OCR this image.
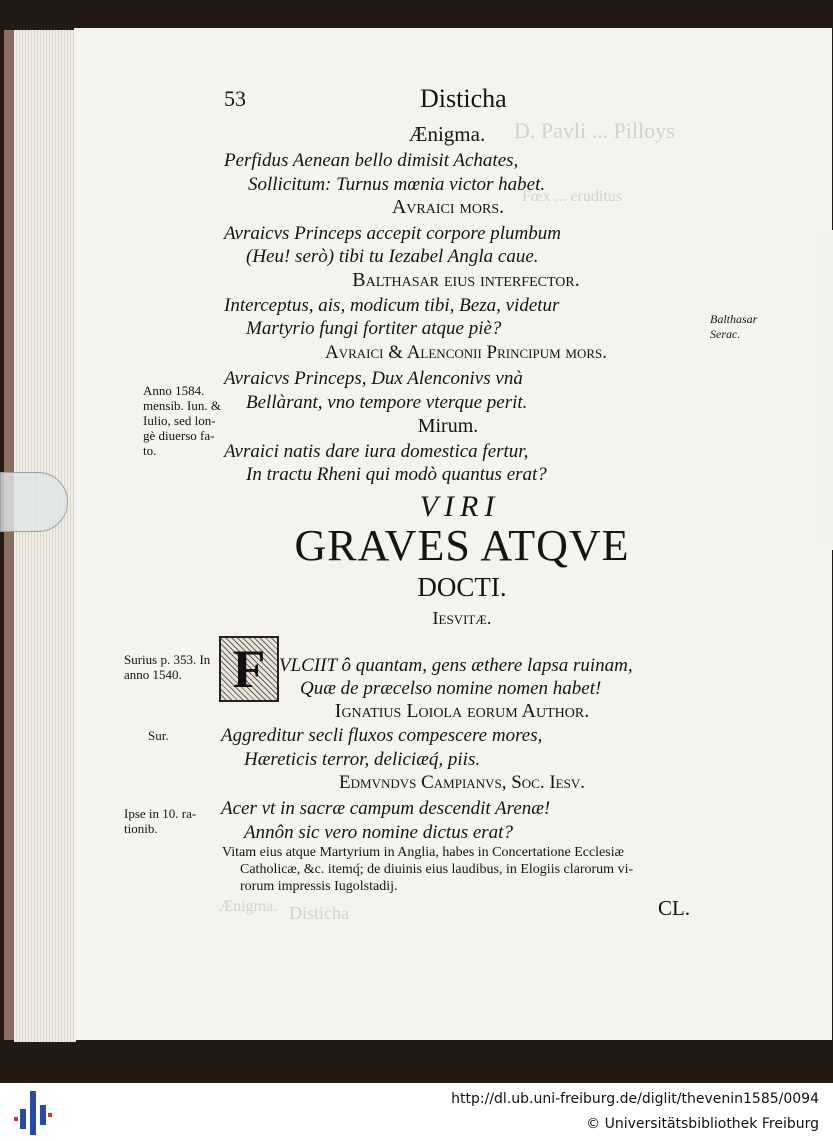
D. Pavli ... Pilloys
Fœx ... eruditus
Disticha
Ænigma.
53	Disticha
Ænigma.
Perfidus Aenean bello dimisit Achates,
Sollicitum: Turnus mœnia victor habet.
Avraici mors.
Avraicvs Princeps accepit corpore plumbum
(Heu! serò) tibi tu Iezabel Angla caue.
Balthasar eius interfector.
Interceptus, ais, modicum tibi, Beza, videtur
Martyrio fungi fortiter atque piè?
Avraici & Alenconii Principum mors.
Avraicvs Princeps, Dux Alenconivs vnà
Bellàrant, vno tempore vterque perit.
Mirum.
Avraici natis dare iura domestica fertur,
In tractu Rheni qui modò quantus erat?
VIRI
GRAVES ATQVE
DOCTI.
Iesvitæ.
F VLCIIT ô quantam, gens æthere lapsa ruinam,
Quæ de præcelso nomine nomen habet!
Ignatius Loiola eorum Author.
Aggreditur secli fluxos compescere mores,
Hæreticis terror, deliciæq́, piis.
Edmvndvs Campianvs, Soc. Iesv.
Acer vt in sacræ campum descendit Arenæ!
Annôn sic vero nomine dictus erat?
Vitam eius atque Martyrium in Anglia, habes in Concertatione Ecclesiæ
Catholicæ, &c. itemq́; de diuinis eius laudibus, in Elogiis clarorum vi-
rorum impressis Iugolstadij.
CL.
Anno 1584.
mensib. Iun. &
Iulio, sed lon-
gè diuerso fa-
to.
Surius p. 353. In
anno 1540.
Sur.
Ipse in 10. ra-
tionib.
Balthasar
Serac.
http://dl.ub.uni-freiburg.de/diglit/thevenin1585/0094
© Universitätsbibliothek Freiburg
